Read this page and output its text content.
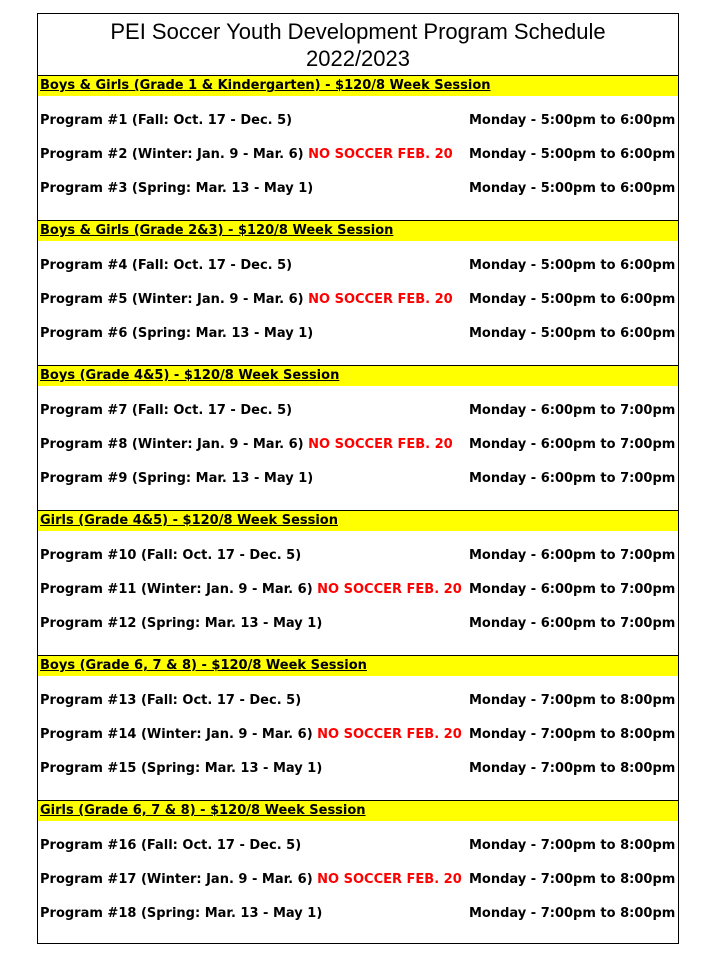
PEI Soccer Youth Development Program Schedule
2022/2023
Boys & Girls (Grade 1 & Kindergarten) - $120/8 Week Session
Program #1 (Fall: Oct. 17 - Dec. 5)	Monday - 5:00pm to 6:00pm
Program #2 (Winter: Jan. 9 - Mar. 6) NO SOCCER FEB. 20 Monday - 5:00pm to 6:00pm
Program #3 (Spring: Mar. 13 - May 1)	Monday - 5:00pm to 6:00pm
Boys & Girls (Grade 2&3) - $120/8 Week Session
Program #4 (Fall: Oct. 17 - Dec. 5)	Monday - 5:00pm to 6:00pm
Program #5 (Winter: Jan. 9 - Mar. 6) NO SOCCER FEB. 20 Monday - 5:00pm to 6:00pm
Program #6 (Spring: Mar. 13 - May 1)	Monday - 5:00pm to 6:00pm
Boys (Grade 4&5) - $120/8 Week Session
Program #7 (Fall: Oct. 17 - Dec. 5)	Monday - 6:00pm to 7:00pm
Program #8 (Winter: Jan. 9 - Mar. 6) NO SOCCER FEB. 20 Monday - 6:00pm to 7:00pm
Program #9 (Spring: Mar. 13 - May 1)	Monday - 6:00pm to 7:00pm
Girls (Grade 4&5) - $120/8 Week Session
Program #10 (Fall: Oct. 17 - Dec. 5)	Monday - 6:00pm to 7:00pm
Program #11 (Winter: Jan. 9 - Mar. 6) NO SOCCER FEB. 20 Monday - 6:00pm to 7:00pm
Program #12 (Spring: Mar. 13 - May 1)	Monday - 6:00pm to 7:00pm
Boys (Grade 6, 7 & 8) - $120/8 Week Session
Program #13 (Fall: Oct. 17 - Dec. 5)	Monday - 7:00pm to 8:00pm
Program #14 (Winter: Jan. 9 - Mar. 6) NO SOCCER FEB. 20 Monday - 7:00pm to 8:00pm
Program #15 (Spring: Mar. 13 - May 1)	Monday - 7:00pm to 8:00pm
Girls (Grade 6, 7 & 8) - $120/8 Week Session
Program #16 (Fall: Oct. 17 - Dec. 5)	Monday - 7:00pm to 8:00pm
Program #17 (Winter: Jan. 9 - Mar. 6) NO SOCCER FEB. 20 Monday - 7:00pm to 8:00pm
Program #18 (Spring: Mar. 13 - May 1)	Monday - 7:00pm to 8:00pm
